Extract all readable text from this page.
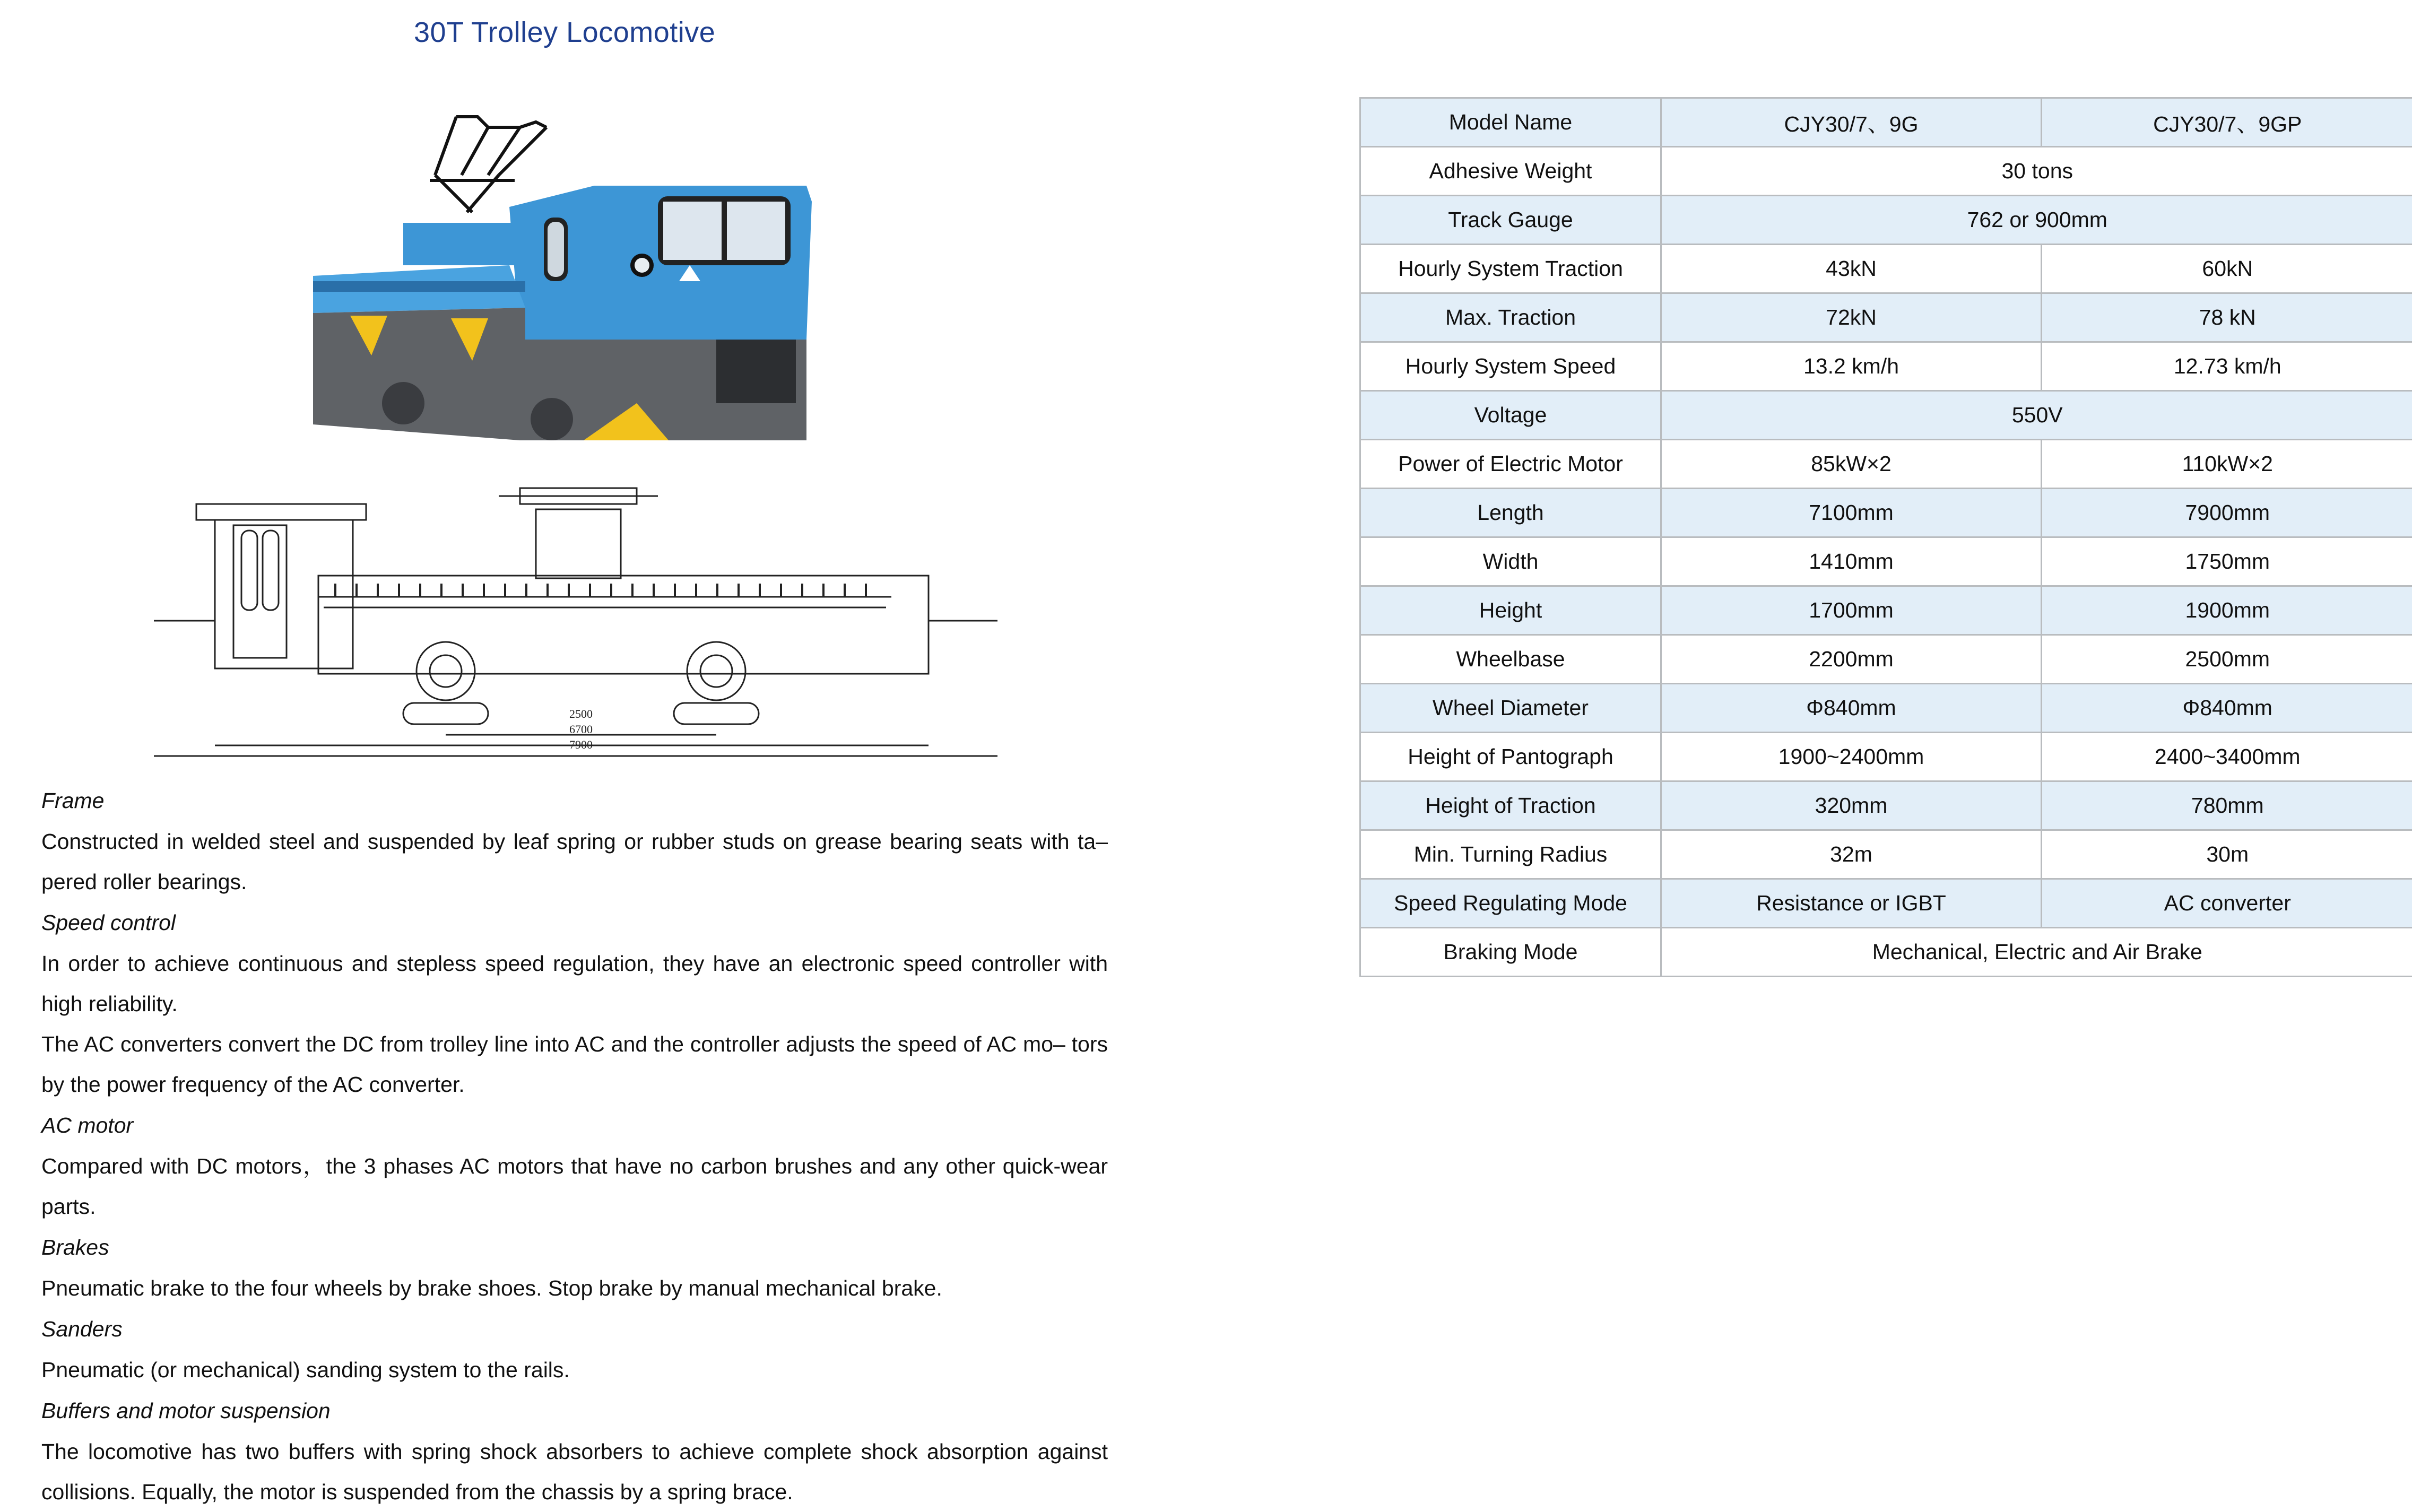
30T Trolley Locomotive
2500
6700
7900

Frame

Constructed in welded steel and suspended by leaf spring or rubber studs on grease bearing seats with ta– pered roller bearings.

Speed control

In order to achieve continuous and stepless speed regulation, they have an electronic speed controller with high reliability.

The AC converters convert the DC from trolley line into AC and the controller adjusts the speed of AC mo– tors by the power frequency of the AC converter.

AC motor

Compared with DC motors，the 3 phases AC motors that have no carbon brushes and any other quick-wear parts.

Brakes

Pneumatic brake to the four wheels by brake shoes. Stop brake by manual mechanical brake.

Sanders

Pneumatic (or mechanical) sanding system to the rails.

Buffers and motor suspension

The locomotive has two buffers with spring shock absorbers to achieve complete shock absorption against collisions. Equally, the motor is suspended from the chassis by a spring brace.

Model Name	CJY30/7、9G	CJY30/7、9GP
Adhesive Weight	30 tons	
Track Gauge	762 or 900mm	
Hourly System Traction	43kN	60kN
Max. Traction	72kN	78 kN
Hourly System Speed	13.2 km/h	12.73 km/h
Voltage	550V	
Power of Electric Motor	85kW×2	110kW×2
Length	7100mm	7900mm
Width	1410mm	1750mm
Height	1700mm	1900mm
Wheelbase	2200mm	2500mm
Wheel Diameter	Φ840mm	Φ840mm
Height of Pantograph	1900~2400mm	2400~3400mm
Height of Traction	320mm	780mm
Min. Turning Radius	32m	30m
Speed Regulating Mode	Resistance or IGBT	AC converter
Braking Mode	Mechanical, Electric and Air Brake	
